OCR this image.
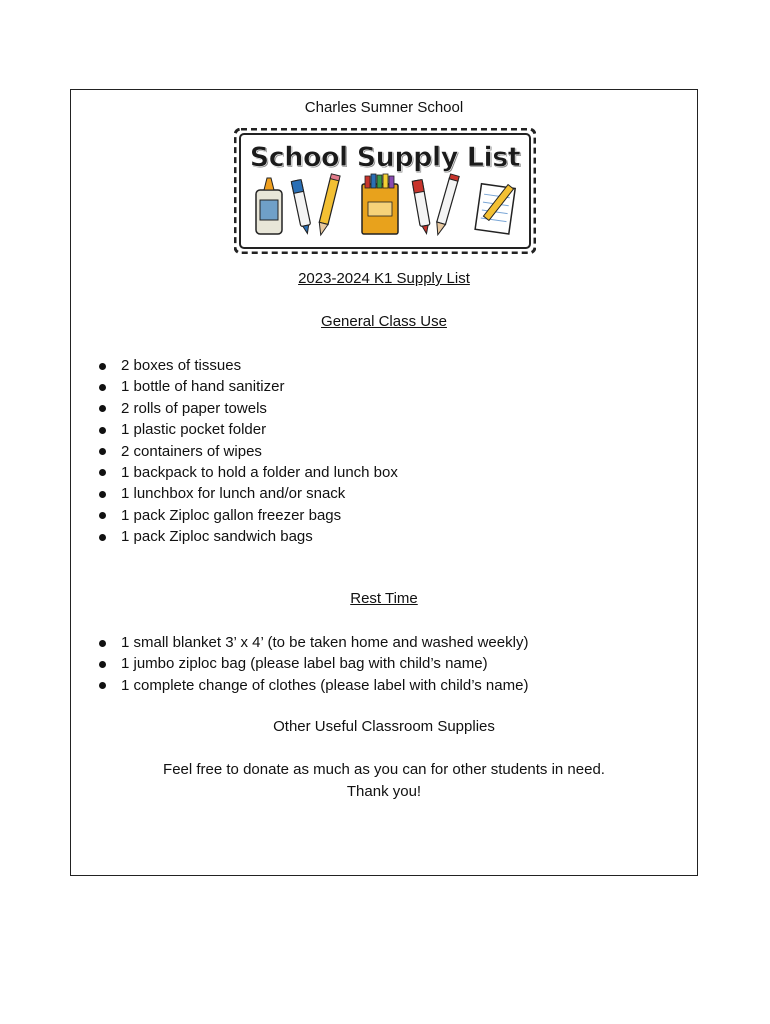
Charles Sumner School
School Supply List
2023-2024 K1 Supply List
General Class Use
2 boxes of tissues
1 bottle of hand sanitizer
2 rolls of paper towels
1 plastic pocket folder
2 containers of wipes
1 backpack to hold a folder and lunch box
1 lunchbox for lunch and/or snack
1 pack Ziploc gallon freezer bags
1 pack Ziploc sandwich bags
Rest Time
1 small blanket 3’ x 4’ (to be taken home and washed weekly)
1 jumbo ziploc bag (please label bag with child’s name)
1 complete change of clothes (please label with child’s name)
Other Useful Classroom Supplies
Feel free to donate as much as you can for other students in need.
Thank you!
